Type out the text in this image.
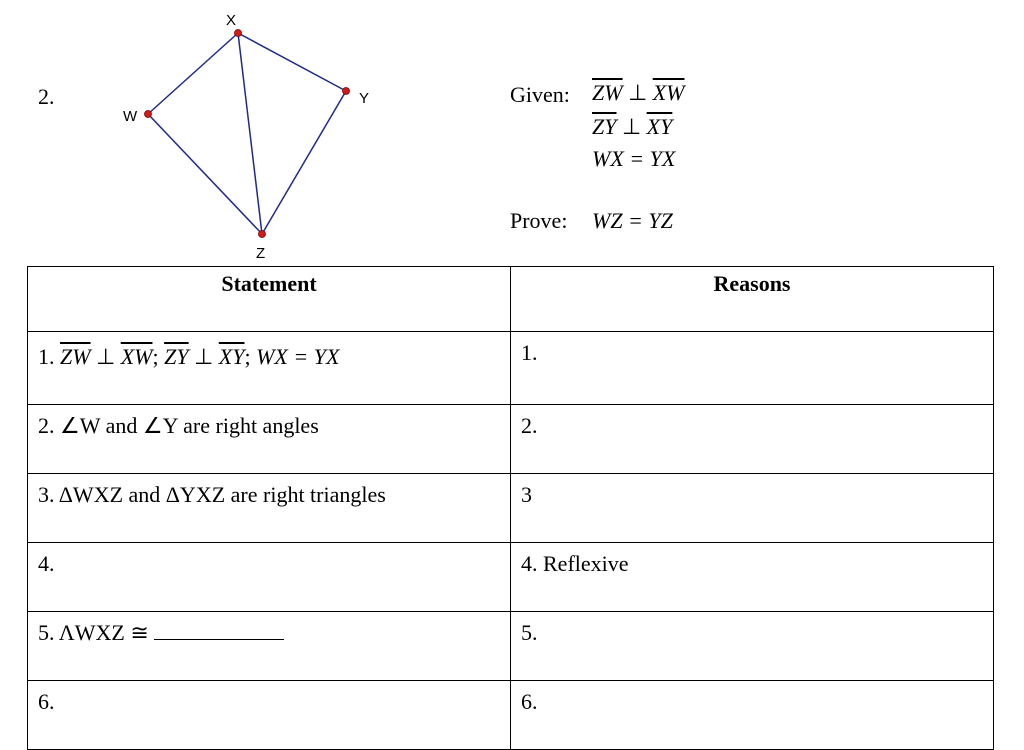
2.
X
Y
W
Z
Given:	$\overline{ZW}$ ⊥ $\overline{XW}$
$\overline{ZY}$ ⊥ $\overline{XY}$
WX = YX
Prove: WZ = YZ
Statement	Reasons
1. $\overline{ZW}$ ⊥ $\overline{XW}$; $\overline{ZY}$ ⊥ $\overline{XY}$; WX = YX	1.
2. ∠W and ∠Y are right angles	2.
3. ΔWXZ and ΔYXZ are right triangles	3
4.	4. Reflexive
5. ΛWXZ ≅	5.
6.	6.
